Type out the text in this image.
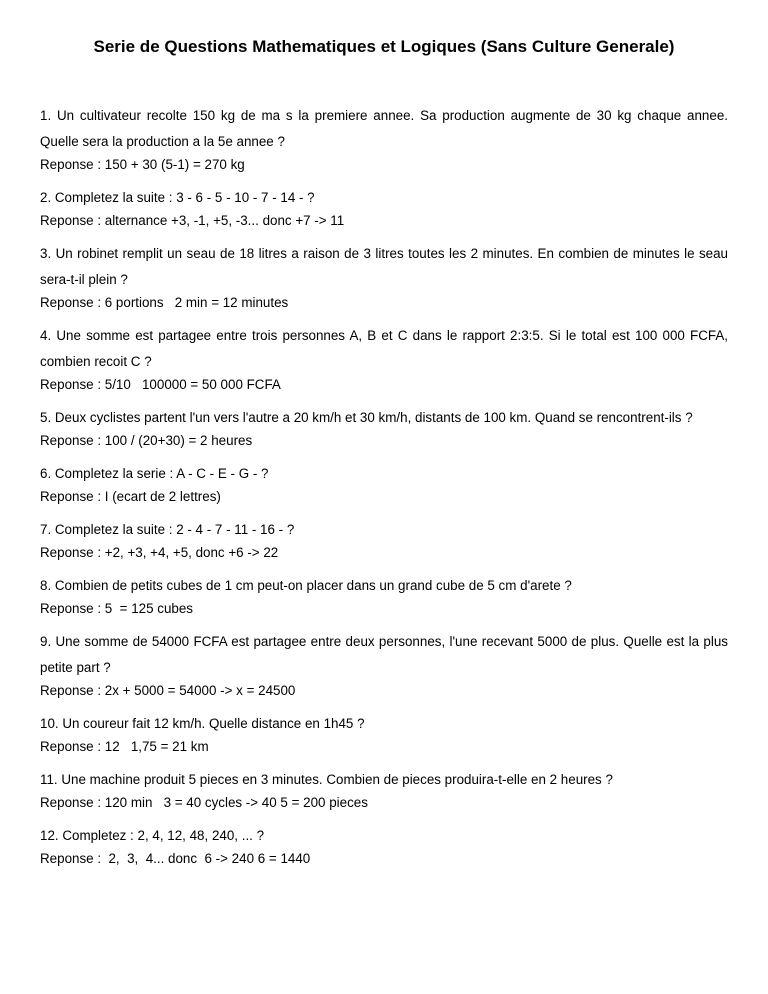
Serie de Questions Mathematiques et Logiques (Sans Culture Generale)

1. Un cultivateur recolte 150 kg de ma s la premiere annee. Sa production augmente de 30 kg chaque annee. Quelle sera la production a la 5e annee ?

Reponse : 150 + 30 (5-1) = 270 kg

2. Completez la suite : 3 - 6 - 5 - 10 - 7 - 14 - ?

Reponse : alternance +3, -1, +5, -3... donc +7 -> 11

3. Un robinet remplit un seau de 18 litres a raison de 3 litres toutes les 2 minutes. En combien de minutes le seau sera-t-il plein ?

Reponse : 6 portions   2 min = 12 minutes

4. Une somme est partagee entre trois personnes A, B et C dans le rapport 2:3:5. Si le total est 100 000 FCFA, combien recoit C ?

Reponse : 5/10   100000 = 50 000 FCFA

5. Deux cyclistes partent l'un vers l'autre a 20 km/h et 30 km/h, distants de 100 km. Quand se rencontrent-ils ?

Reponse : 100 / (20+30) = 2 heures

6. Completez la serie : A - C - E - G - ?

Reponse : I (ecart de 2 lettres)

7. Completez la suite : 2 - 4 - 7 - 11 - 16 - ?

Reponse : +2, +3, +4, +5, donc +6 -> 22

8. Combien de petits cubes de 1 cm peut-on placer dans un grand cube de 5 cm d'arete ?

Reponse : 5  = 125 cubes

9. Une somme de 54000 FCFA est partagee entre deux personnes, l'une recevant 5000 de plus. Quelle est la plus petite part ?

Reponse : 2x + 5000 = 54000 -> x = 24500

10. Un coureur fait 12 km/h. Quelle distance en 1h45 ?

Reponse : 12   1,75 = 21 km

11. Une machine produit 5 pieces en 3 minutes. Combien de pieces produira-t-elle en 2 heures ?

Reponse : 120 min   3 = 40 cycles -> 40 5 = 200 pieces

12. Completez : 2, 4, 12, 48, 240, ... ?

Reponse :  2,  3,  4... donc  6 -> 240 6 = 1440
